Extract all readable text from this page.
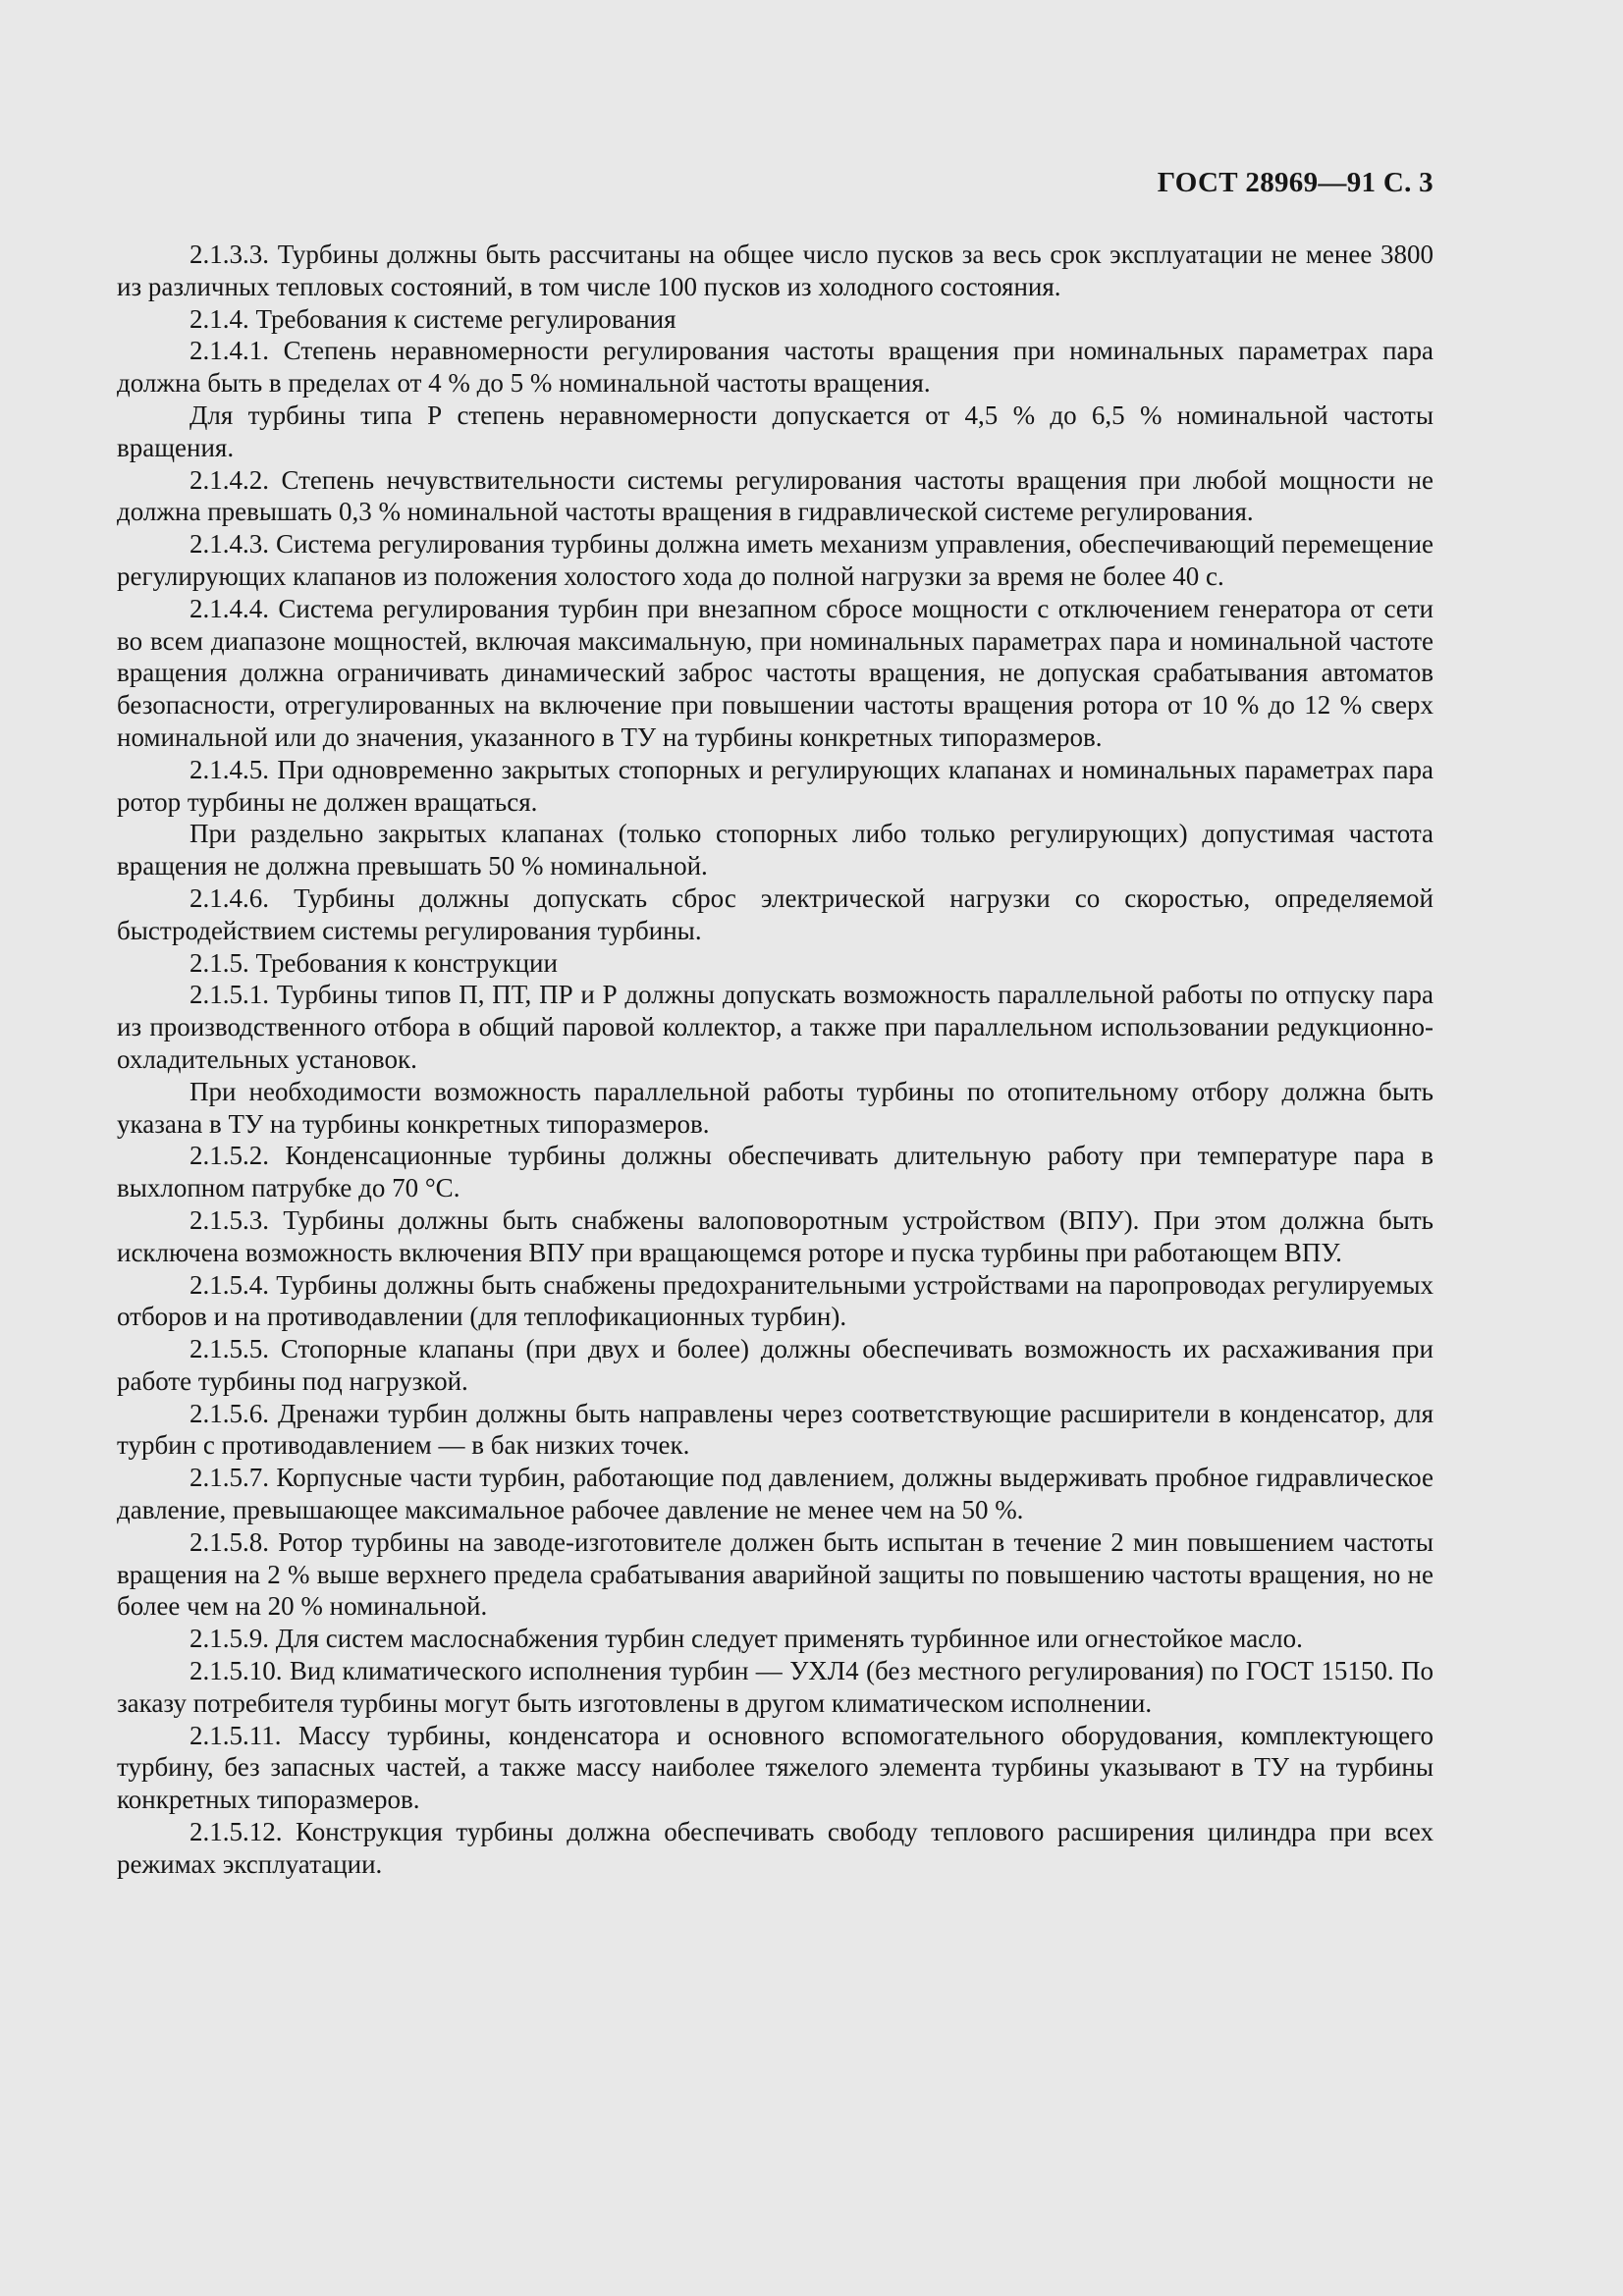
ГОСТ 28969—91 С. 3

2.1.3.3. Турбины должны быть рассчитаны на общее число пусков за весь срок эксплуатации не менее 3800 из различных тепловых состояний, в том числе 100 пусков из холодного состояния.

2.1.4. Требования к системе регулирования

2.1.4.1. Степень неравномерности регулирования частоты вращения при номинальных параметрах пара должна быть в пределах от 4 % до 5 % номинальной частоты вращения.

Для турбины типа Р степень неравномерности допускается от 4,5 % до 6,5 % номинальной частоты вращения.

2.1.4.2. Степень нечувствительности системы регулирования частоты вращения при любой мощности не должна превышать 0,3 % номинальной частоты вращения в гидравлической системе регулирования.

2.1.4.3. Система регулирования турбины должна иметь механизм управления, обеспечивающий перемещение регулирующих клапанов из положения холостого хода до полной нагрузки за время не более 40 с.

2.1.4.4. Система регулирования турбин при внезапном сбросе мощности с отключением генератора от сети во всем диапазоне мощностей, включая максимальную, при номинальных параметрах пара и номинальной частоте вращения должна ограничивать динамический заброс частоты вращения, не допуская срабатывания автоматов безопасности, отрегулированных на включение при повышении частоты вращения ротора от 10 % до 12 % сверх номинальной или до значения, указанного в ТУ на турбины конкретных типоразмеров.

2.1.4.5. При одновременно закрытых стопорных и регулирующих клапанах и номинальных параметрах пара ротор турбины не должен вращаться.

При раздельно закрытых клапанах (только стопорных либо только регулирующих) допустимая частота вращения не должна превышать 50 % номинальной.

2.1.4.6. Турбины должны допускать сброс электрической нагрузки со скоростью, определяемой быстродействием системы регулирования турбины.

2.1.5. Требования к конструкции

2.1.5.1. Турбины типов П, ПТ, ПР и Р должны допускать возможность параллельной работы по отпуску пара из производственного отбора в общий паровой коллектор, а также при параллельном использовании редукционно-охладительных установок.

При необходимости возможность параллельной работы турбины по отопительному отбору должна быть указана в ТУ на турбины конкретных типоразмеров.

2.1.5.2. Конденсационные турбины должны обеспечивать длительную работу при температуре пара в выхлопном патрубке до 70 °С.

2.1.5.3. Турбины должны быть снабжены валоповоротным устройством (ВПУ). При этом должна быть исключена возможность включения ВПУ при вращающемся роторе и пуска турбины при работающем ВПУ.

2.1.5.4. Турбины должны быть снабжены предохранительными устройствами на паропроводах регулируемых отборов и на противодавлении (для теплофикационных турбин).

2.1.5.5. Стопорные клапаны (при двух и более) должны обеспечивать возможность их расхаживания при работе турбины под нагрузкой.

2.1.5.6. Дренажи турбин должны быть направлены через соответствующие расширители в конденсатор, для турбин с противодавлением — в бак низких точек.

2.1.5.7. Корпусные части турбин, работающие под давлением, должны выдерживать пробное гидравлическое давление, превышающее максимальное рабочее давление не менее чем на 50 %.

2.1.5.8. Ротор турбины на заводе-изготовителе должен быть испытан в течение 2 мин повышением частоты вращения на 2 % выше верхнего предела срабатывания аварийной защиты по повышению частоты вращения, но не более чем на 20 % номинальной.

2.1.5.9. Для систем маслоснабжения турбин следует применять турбинное или огнестойкое масло.

2.1.5.10. Вид климатического исполнения турбин — УХЛ4 (без местного регулирования) по ГОСТ 15150. По заказу потребителя турбины могут быть изготовлены в другом климатическом исполнении.

2.1.5.11. Массу турбины, конденсатора и основного вспомогательного оборудования, комплектующего турбину, без запасных частей, а также массу наиболее тяжелого элемента турбины указывают в ТУ на турбины конкретных типоразмеров.

2.1.5.12. Конструкция турбины должна обеспечивать свободу теплового расширения цилиндра при всех режимах эксплуатации.
